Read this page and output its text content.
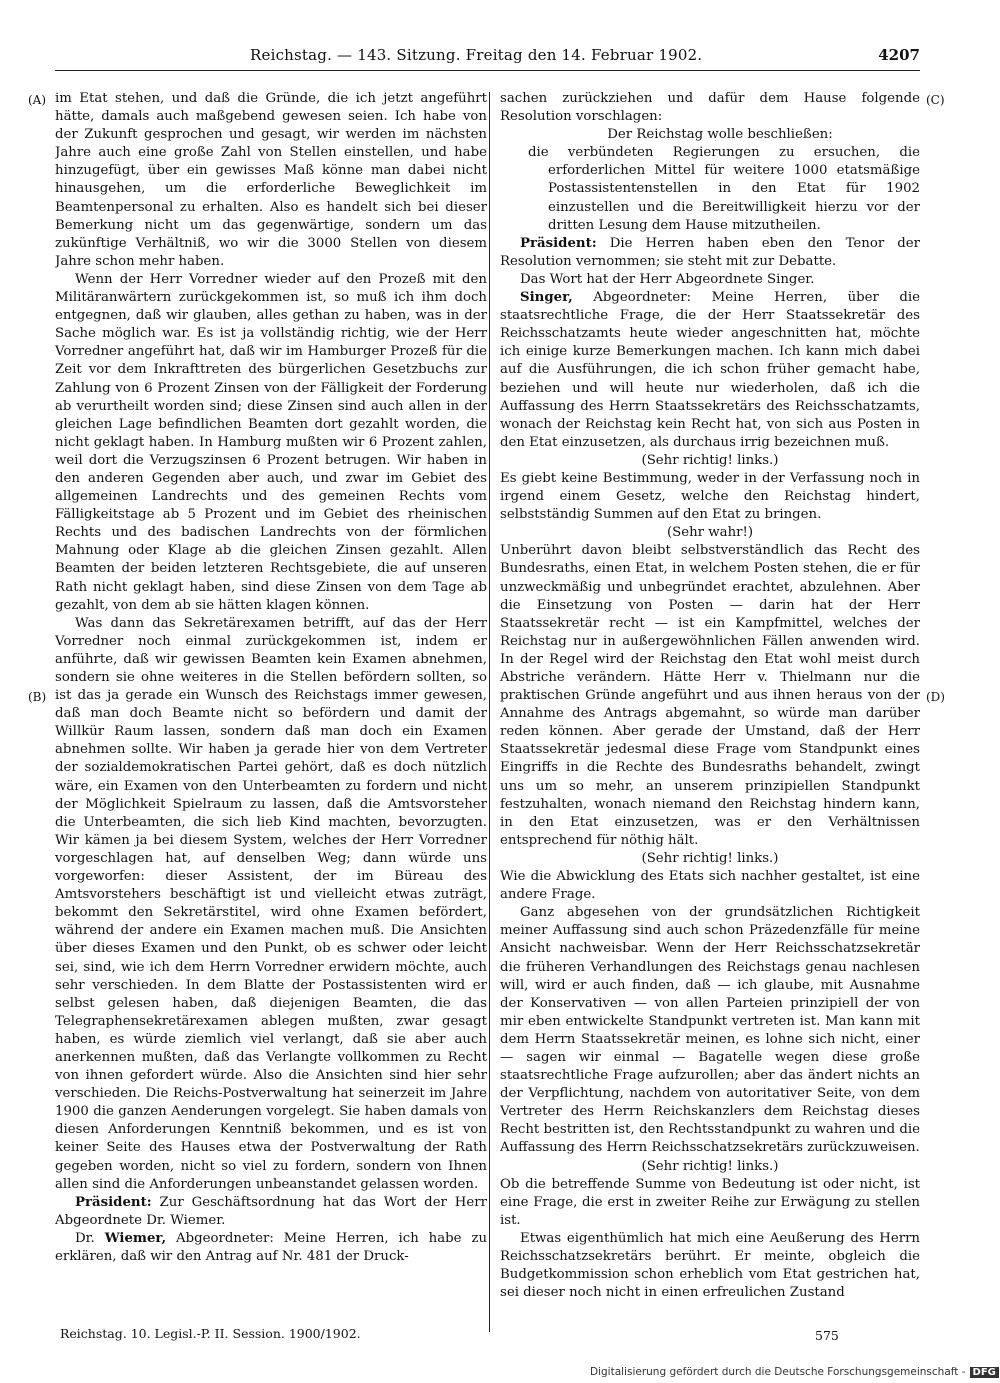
Reichstag. — 143. Sitzung. Freitag den 14. Februar 1902.	4207
(A)
(B)
(C)
(D)

im Etat stehen, und daß die Gründe, die ich jetzt angeführt hätte, damals auch maßgebend gewesen seien. Ich habe von der Zukunft gesprochen und gesagt, wir werden im nächsten Jahre auch eine große Zahl von Stellen einstellen, und habe hinzugefügt, über ein gewisses Maß könne man dabei nicht hinausgehen, um die erforderliche Beweglichkeit im Beamtenpersonal zu erhalten. Also es handelt sich bei dieser Bemerkung nicht um das gegenwärtige, sondern um das zukünftige Verhältniß, wo wir die 3000 Stellen von diesem Jahre schon mehr haben.

Wenn der Herr Vorredner wieder auf den Prozeß mit den Militäranwärtern zurückgekommen ist, so muß ich ihm doch entgegnen, daß wir glauben, alles gethan zu haben, was in der Sache möglich war. Es ist ja vollständig richtig, wie der Herr Vorredner angeführt hat, daß wir im Hamburger Prozeß für die Zeit vor dem Inkrafttreten des bürgerlichen Gesetzbuchs zur Zahlung von 6 Prozent Zinsen von der Fälligkeit der Forderung ab verurtheilt worden sind; diese Zinsen sind auch allen in der gleichen Lage befindlichen Beamten dort gezahlt worden, die nicht geklagt haben. In Hamburg mußten wir 6 Prozent zahlen, weil dort die Verzugszinsen 6 Prozent betrugen. Wir haben in den anderen Gegenden aber auch, und zwar im Gebiet des allgemeinen Landrechts und des gemeinen Rechts vom Fälligkeitstage ab 5 Prozent und im Gebiet des rheinischen Rechts und des badischen Landrechts von der förmlichen Mahnung oder Klage ab die gleichen Zinsen gezahlt. Allen Beamten der beiden letzteren Rechtsgebiete, die auf unseren Rath nicht geklagt haben, sind diese Zinsen von dem Tage ab gezahlt, von dem ab sie hätten klagen können.

Was dann das Sekretärexamen betrifft, auf das der Herr Vorredner noch einmal zurückgekommen ist, indem er anführte, daß wir gewissen Beamten kein Examen abnehmen, sondern sie ohne weiteres in die Stellen befördern sollten, so ist das ja gerade ein Wunsch des Reichstags immer gewesen, daß man doch Beamte nicht so befördern und damit der Willkür Raum lassen, sondern daß man doch ein Examen abnehmen sollte. Wir haben ja gerade hier von dem Vertreter der sozialdemokratischen Partei gehört, daß es doch nützlich wäre, ein Examen von den Unterbeamten zu fordern und nicht der Möglichkeit Spielraum zu lassen, daß die Amtsvorsteher die Unterbeamten, die sich lieb Kind machten, bevorzugten. Wir kämen ja bei diesem System, welches der Herr Vorredner vorgeschlagen hat, auf denselben Weg; dann würde uns vorgeworfen: dieser Assistent, der im Büreau des Amtsvorstehers beschäftigt ist und vielleicht etwas zuträgt, bekommt den Sekretärstitel, wird ohne Examen befördert, während der andere ein Examen machen muß. Die Ansichten über dieses Examen und den Punkt, ob es schwer oder leicht sei, sind, wie ich dem Herrn Vorredner erwidern möchte, auch sehr verschieden. In dem Blatte der Postassistenten wird er selbst gelesen haben, daß diejenigen Beamten, die das Telegraphensekretärexamen ablegen mußten, zwar gesagt haben, es würde ziemlich viel verlangt, daß sie aber auch anerkennen mußten, daß das Verlangte vollkommen zu Recht von ihnen gefordert würde. Also die Ansichten sind hier sehr verschieden. Die Reichs-Postverwaltung hat seinerzeit im Jahre 1900 die ganzen Aenderungen vorgelegt. Sie haben damals von diesen Anforderungen Kenntniß bekommen, und es ist von keiner Seite des Hauses etwa der Postverwaltung der Rath gegeben worden, nicht so viel zu fordern, sondern von Ihnen allen sind die Anforderungen unbeanstandet gelassen worden.

Präsident: Zur Geschäftsordnung hat das Wort der Herr Abgeordnete Dr. Wiemer.

Dr. Wiemer, Abgeordneter: Meine Herren, ich habe zu erklären, daß wir den Antrag auf Nr. 481 der Druck-

sachen zurückziehen und dafür dem Hause folgende Resolution vorschlagen:

Der Reichstag wolle beschließen:

die verbündeten Regierungen zu ersuchen, die erforderlichen Mittel für weitere 1000 etatsmäßige Postassistentenstellen in den Etat für 1902 einzustellen und die Bereitwilligkeit hierzu vor der dritten Lesung dem Hause mitzutheilen.

Präsident: Die Herren haben eben den Tenor der Resolution vernommen; sie steht mit zur Debatte.

Das Wort hat der Herr Abgeordnete Singer.

Singer, Abgeordneter: Meine Herren, über die staatsrechtliche Frage, die der Herr Staatssekretär des Reichsschatzamts heute wieder angeschnitten hat, möchte ich einige kurze Bemerkungen machen. Ich kann mich dabei auf die Ausführungen, die ich schon früher gemacht habe, beziehen und will heute nur wiederholen, daß ich die Auffassung des Herrn Staatssekretärs des Reichsschatzamts, wonach der Reichstag kein Recht hat, von sich aus Posten in den Etat einzusetzen, als durchaus irrig bezeichnen muß.

(Sehr richtig! links.)

Es giebt keine Bestimmung, weder in der Verfassung noch in irgend einem Gesetz, welche den Reichstag hindert, selbstständig Summen auf den Etat zu bringen.

(Sehr wahr!)

Unberührt davon bleibt selbstverständlich das Recht des Bundesraths, einen Etat, in welchem Posten stehen, die er für unzweckmäßig und unbegründet erachtet, abzulehnen. Aber die Einsetzung von Posten — darin hat der Herr Staatssekretär recht — ist ein Kampfmittel, welches der Reichstag nur in außergewöhnlichen Fällen anwenden wird. In der Regel wird der Reichstag den Etat wohl meist durch Abstriche verändern. Hätte Herr v. Thielmann nur die praktischen Gründe angeführt und aus ihnen heraus von der Annahme des Antrags abgemahnt, so würde man darüber reden können. Aber gerade der Umstand, daß der Herr Staatssekretär jedesmal diese Frage vom Standpunkt eines Eingriffs in die Rechte des Bundesraths behandelt, zwingt uns um so mehr, an unserem prinzipiellen Standpunkt festzuhalten, wonach niemand den Reichstag hindern kann, in den Etat einzusetzen, was er den Verhältnissen entsprechend für nöthig hält.

(Sehr richtig! links.)

Wie die Abwicklung des Etats sich nachher gestaltet, ist eine andere Frage.

Ganz abgesehen von der grundsätzlichen Richtigkeit meiner Auffassung sind auch schon Präzedenzfälle für meine Ansicht nachweisbar. Wenn der Herr Reichsschatzsekretär die früheren Verhandlungen des Reichstags genau nachlesen will, wird er auch finden, daß — ich glaube, mit Ausnahme der Konservativen — von allen Parteien prinzipiell der von mir eben entwickelte Standpunkt vertreten ist. Man kann mit dem Herrn Staatssekretär meinen, es lohne sich nicht, einer — sagen wir einmal — Bagatelle wegen diese große staatsrechtliche Frage aufzurollen; aber das ändert nichts an der Verpflichtung, nachdem von autoritativer Seite, von dem Vertreter des Herrn Reichskanzlers dem Reichstag dieses Recht bestritten ist, den Rechtsstandpunkt zu wahren und die Auffassung des Herrn Reichsschatzsekretärs zurückzuweisen.

(Sehr richtig! links.)

Ob die betreffende Summe von Bedeutung ist oder nicht, ist eine Frage, die erst in zweiter Reihe zur Erwägung zu stellen ist.

Etwas eigenthümlich hat mich eine Aeußerung des Herrn Reichsschatzsekretärs berührt. Er meinte, obgleich die Budgetkommission schon erheblich vom Etat gestrichen hat, sei dieser noch nicht in einen erfreulichen Zustand

Reichstag. 10. Legisl.-P. II. Session. 1900/1902.	575
Digitalisierung gefördert durch die Deutsche Forschungsgemeinschaft - DFG
